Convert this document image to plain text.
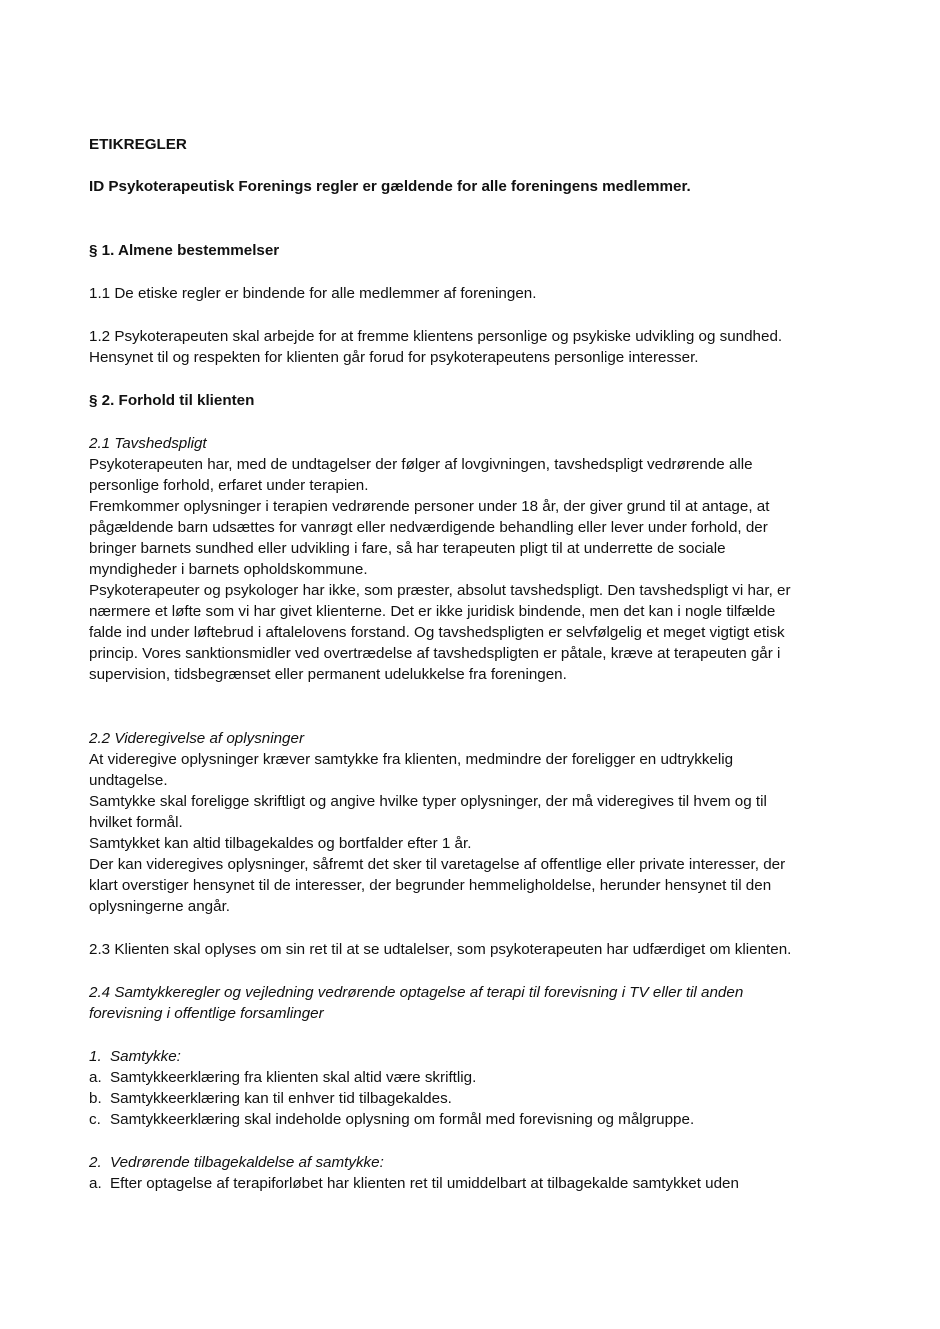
ETIKREGLER

ID Psykoterapeutisk Forenings regler er gældende for alle foreningens medlemmer.

§ 1. Almene bestemmelser

1.1 De etiske regler er bindende for alle medlemmer af foreningen.

1.2 Psykoterapeuten skal arbejde for at fremme klientens personlige og psykiske udvikling og sundhed.

Hensynet til og respekten for klienten går forud for psykoterapeutens personlige interesser.

§ 2. Forhold til klienten

2.1 Tavshedspligt

Psykoterapeuten har, med de undtagelser der følger af lovgivningen, tavshedspligt vedrørende alle

personlige forhold, erfaret under terapien.

Fremkommer oplysninger i terapien vedrørende personer under 18 år, der giver grund til at antage, at

pågældende barn udsættes for vanrøgt eller nedværdigende behandling eller lever under forhold, der

bringer barnets sundhed eller udvikling i fare, så har terapeuten pligt til at underrette de sociale

myndigheder i barnets opholdskommune.

Psykoterapeuter og psykologer har ikke, som præster, absolut tavshedspligt. Den tavshedspligt vi har, er

nærmere et løfte som vi har givet klienterne. Det er ikke juridisk bindende, men det kan i nogle tilfælde

falde ind under løftebrud i aftalelovens forstand. Og tavshedspligten er selvfølgelig et meget vigtigt etisk

princip. Vores sanktionsmidler ved overtrædelse af tavshedspligten er påtale, kræve at terapeuten går i

supervision, tidsbegrænset eller permanent udelukkelse fra foreningen.

2.2 Videregivelse af oplysninger

At videregive oplysninger kræver samtykke fra klienten, medmindre der foreligger en udtrykkelig

undtagelse.

Samtykke skal foreligge skriftligt og angive hvilke typer oplysninger, der må videregives til hvem og til

hvilket formål.

Samtykket kan altid tilbagekaldes og bortfalder efter 1 år.

Der kan videregives oplysninger, såfremt det sker til varetagelse af offentlige eller private interesser, der

klart overstiger hensynet til de interesser, der begrunder hemmeligholdelse, herunder hensynet til den

oplysningerne angår.

2.3 Klienten skal oplyses om sin ret til at se udtalelser, som psykoterapeuten har udfærdiget om klienten.

2.4 Samtykkeregler og vejledning vedrørende optagelse af terapi til forevisning i TV eller til anden

forevisning i offentlige forsamlinger

1. Samtykke:

a. Samtykkeerklæring fra klienten skal altid være skriftlig.

b. Samtykkeerklæring kan til enhver tid tilbagekaldes.

c. Samtykkeerklæring skal indeholde oplysning om formål med forevisning og målgruppe.

2. Vedrørende tilbagekaldelse af samtykke:

a. Efter optagelse af terapiforløbet har klienten ret til umiddelbart at tilbagekalde samtykket uden
